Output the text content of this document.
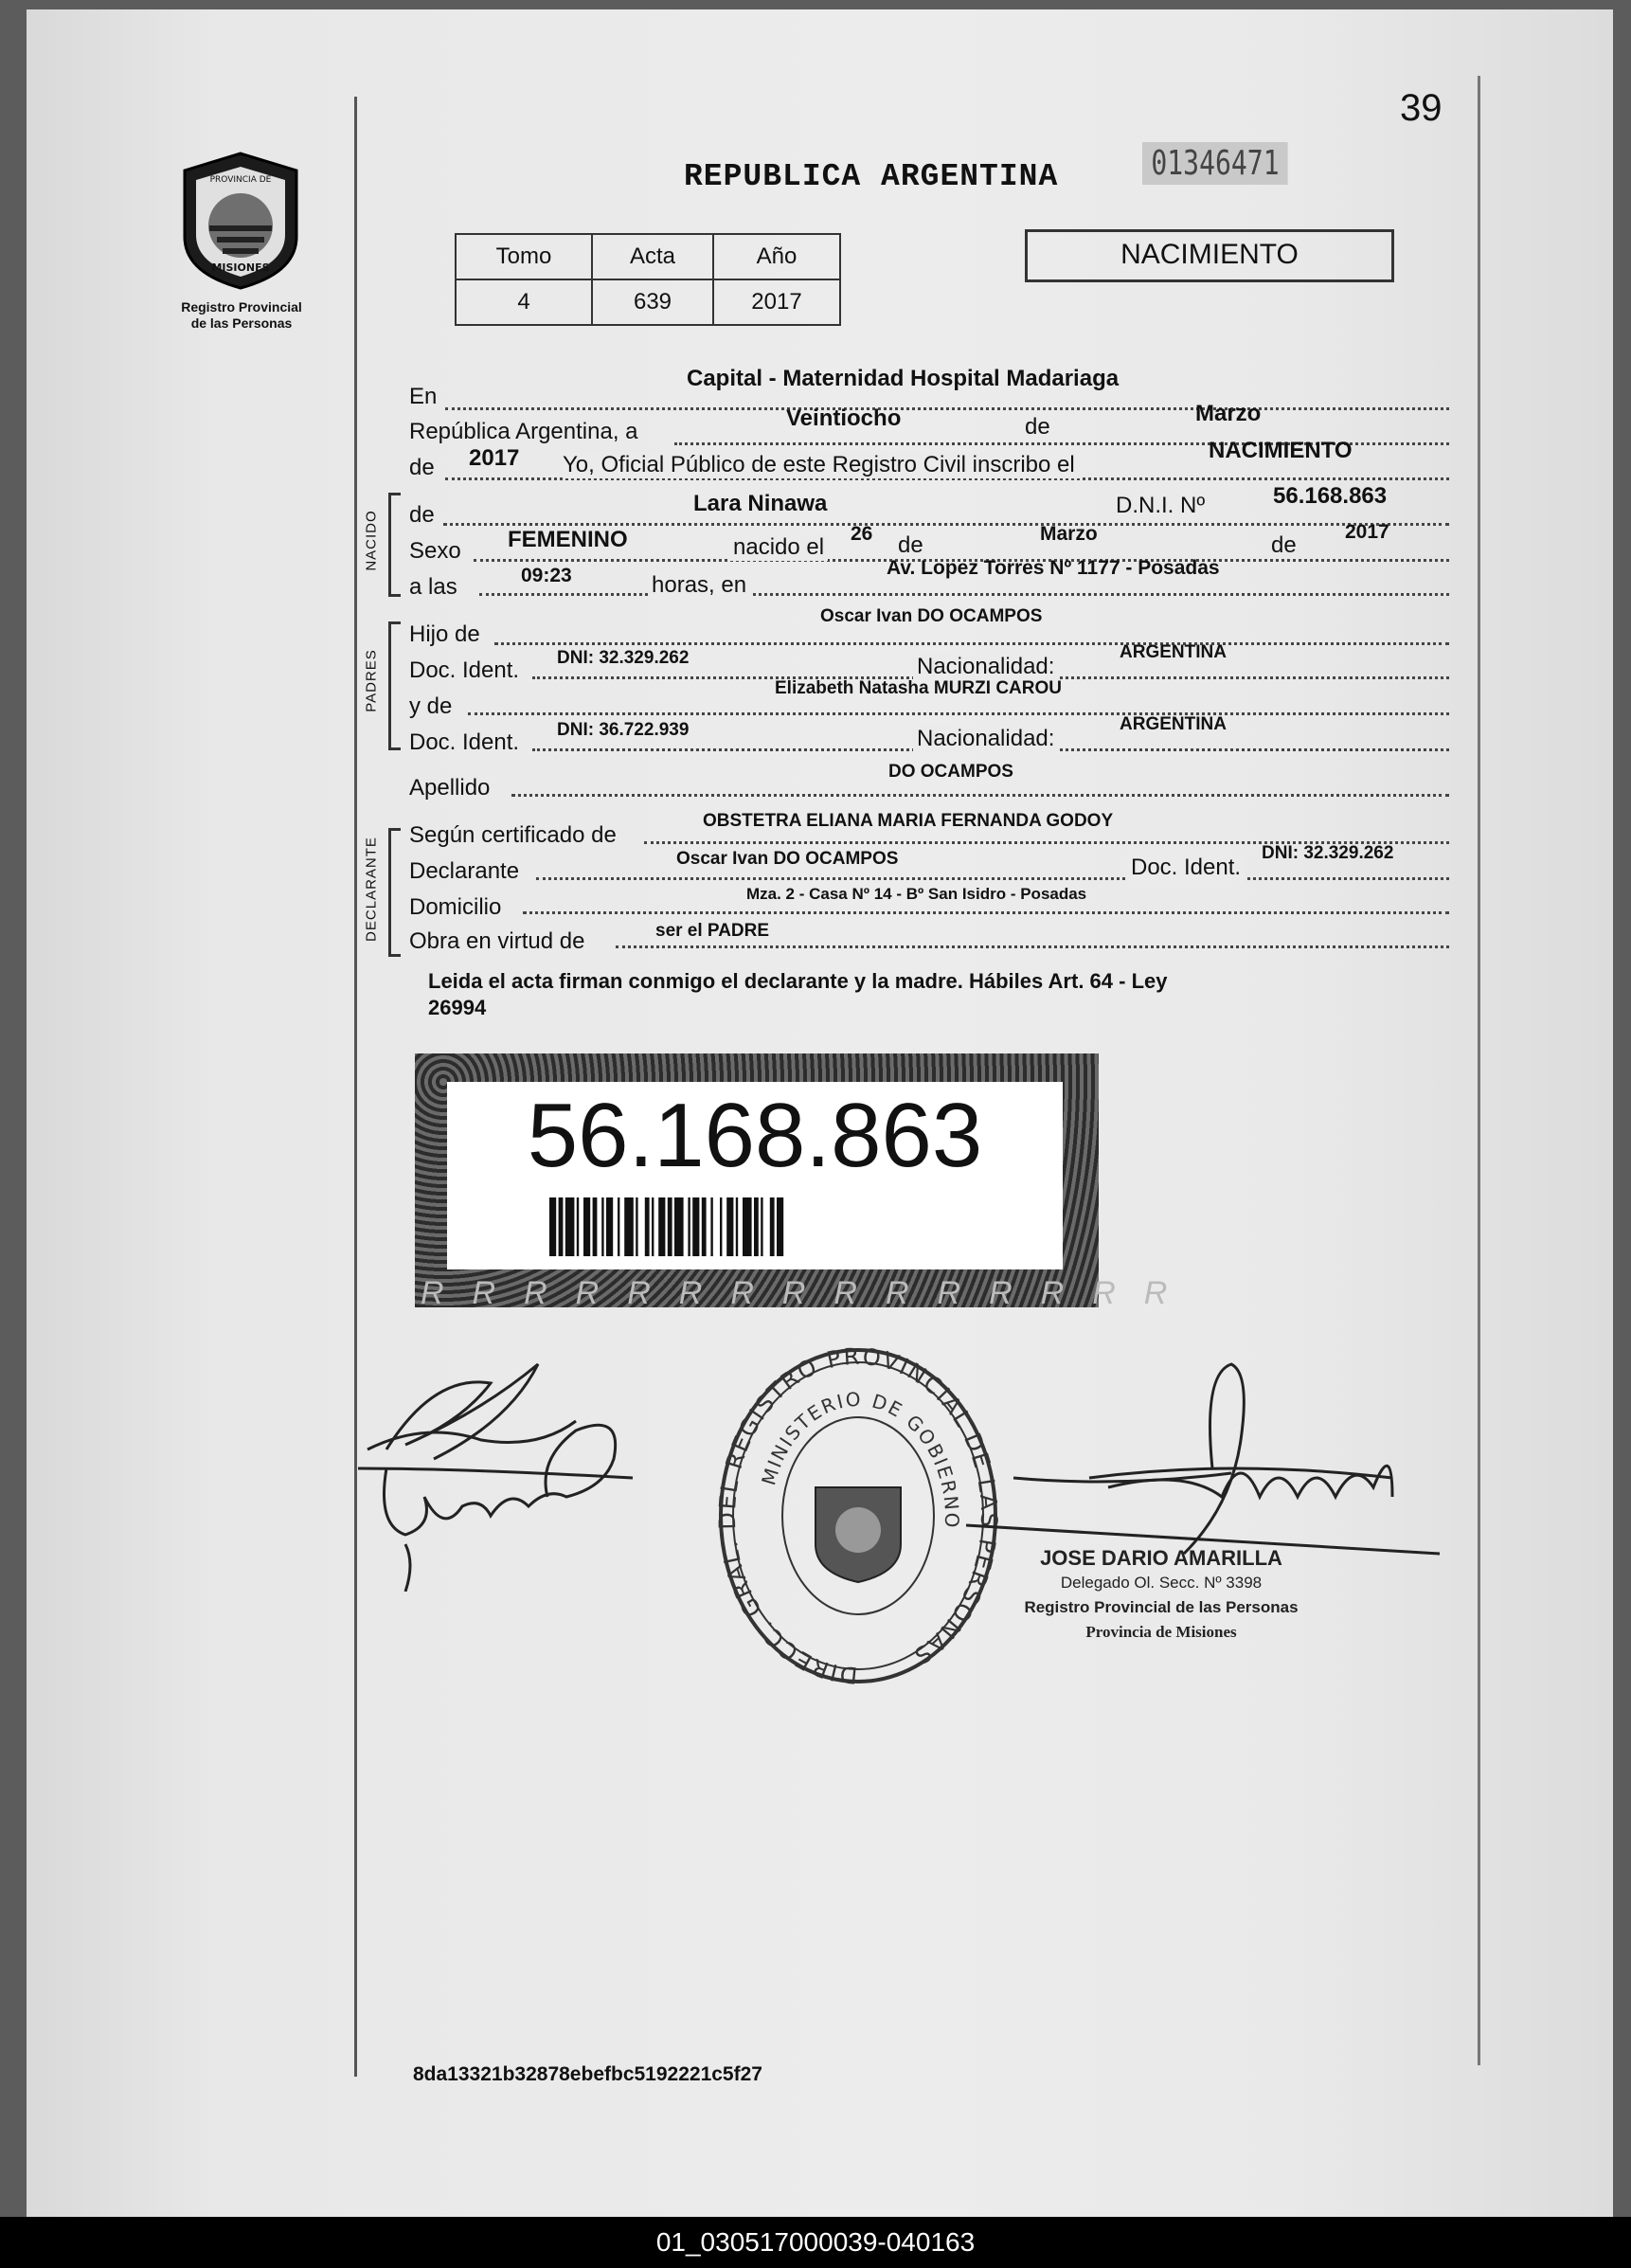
39
PROVINCIA DE
MISIONES
Registro Provincial
de las Personas
REPUBLICA ARGENTINA	01346471
Tomo	Acta	Año
4	639	2017
NACIMIENTO
En
Capital - Maternidad Hospital Madariaga
República Argentina, a
Veintiocho	de
Marzo
de 2017 Yo, Oficial Público de este Registro Civil inscribo el
NACIMIENTO
NACIDO de	Lara Ninawa	D.N.I. Nº	56.168.863
Sexo FEMENINO	nacido el
26 de	Marzo	de
2017
a las	09:23	horas, en
Av. Lopez Torres Nº 1177 - Posadas
PADRES
Hijo de
Oscar Ivan DO OCAMPOS
Doc. Ident. DNI: 32.329.262	Nacionalidad:
ARGENTINA
y de
Elizabeth Natasha MURZI CAROU
Doc. Ident. DNI: 36.722.939	Nacionalidad:
ARGENTINA
Apellido
DO OCAMPOS
DECLARANTE
Según certificado de
OBSTETRA ELIANA MARIA FERNANDA GODOY
Declarante	Oscar Ivan DO OCAMPOS	Doc. Ident.
DNI: 32.329.262
Domicilio
Mza. 2 - Casa Nº 14 - Bº San Isidro - Posadas
Obra en virtud de	ser el PADRE
Leida el acta firman conmigo el declarante y la madre. Hábiles Art. 64 - Ley
26994
56.168.863
RRRRRRRRRRRRRRR
DIRECC. GRAL. DEL REGISTRO PROVINCIAL DE LAS PERSONAS
MINISTERIO DE GOBIERNO
JOSE DARIO AMARILLA
Delegado Ol. Secc. Nº 3398
Registro Provincial de las Personas
Provincia de Misiones
8da13321b32878ebefbc5192221c5f27
01_030517000039-040163
